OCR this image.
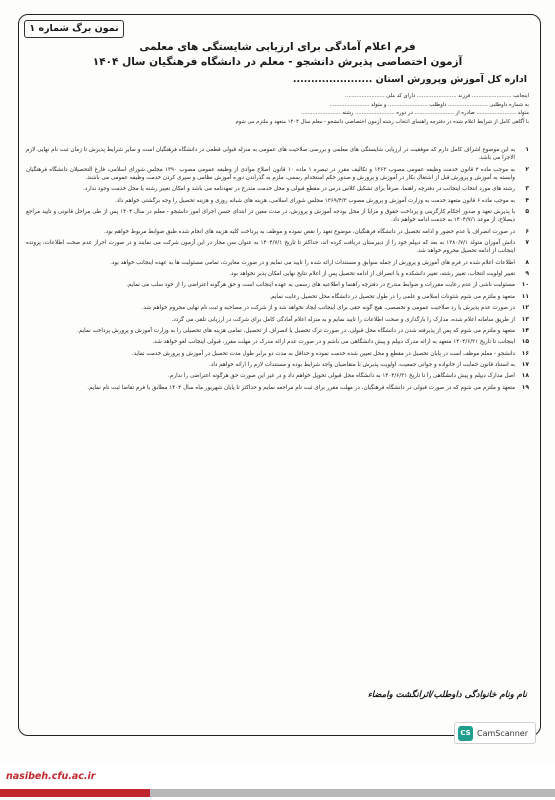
نمون برگ شماره ۱
فرم اعلام آمادگی برای ارزیابی شایستگی های معلمی
آزمون اختصاصی پذیرش دانشجو - معلم در دانشگاه فرهنگیان سال ۱۴۰۴
اداره کل آموزش وپرورش استان ......................
اینجانب ........................ فرزند ........................ دارای کد ملی ........................
به شماره داوطلبی ........................ داوطلب ........................ و متولد ........................
متولد ........................ صادره از ........................ در دوره ........................ رشته ........................
با آگاهی کامل از شرایط اعلام شده در دفترچه راهنمای انتخاب رشته آزمون اختصاصی دانشجو - معلم سال ۱۴۰۴ متعهد و ملتزم می شوم
۱
به این موضوع اشراف کامل دارم که موفقیت در ارزیابی شایستگی های معلمی و بررسی صلاحیت های عمومی به منزله قبولی قطعی در دانشگاه فرهنگیان است و سایر شرایط پذیرش تا زمان ثبت نام نهایی لازم الاجرا می باشد.
۲
به موجب ماده ۲ قانون خدمت وظیفه عمومی مصوب ۱۳۶۳ و تکالیف مقرر در تبصره ۱ ماده ۱۰ قانون اصلاح موادی از وظیفه عمومی مصوب ۱۳۹۰ مجلس شورای اسلامی، فارغ التحصیلان دانشگاه فرهنگیان وابسته به آموزش و پرورش قبل از اشتغال بکار در آموزش و پرورش و صدور حکم استخدام رسمی، ملزم به گذراندن دوره آموزش نظامی و سپری کردن خدمت وظیفه عمومی می باشند.
۳
رشته های مورد انتخاب اینجانب در دفترچه راهنما، صرفاً برای تشکیل کلاس درس در مقطع قبولی و محل خدمت مندرج در تعهدنامه می باشد و امکان تغییر رشته یا محل خدمت وجود ندارد.
۴
به موجب ماده ۶ قانون متعهد خدمت به وزارت آموزش و پرورش مصوب ۱۳۶۹/۴/۳ مجلس شورای اسلامی، هزینه های شبانه روزی و هزینه تحصیل را وجه برگشتی خواهم داد.
۵
با پذیرش تعهد و صدور احکام کارگزینی و پرداخت حقوق و مزایا از محل بودجه آموزش و پرورش، در مدت معین در ابتدای حسن اجرای امور دانشجو - معلم در سال ۱۴۰۴ پس از طی مراحل قانونی و تایید مراجع ذیصلاح، از موعد ۱۴۰۴/۷/۱ به خدمت ادامه خواهم داد.
۶
در صورت انصراف یا عدم حضور و ادامه تحصیل در دانشگاه فرهنگیان، موضوع تعهد را نقض نموده و موظف به پرداخت کلیه هزینه های انجام شده طبق ضوابط مربوط خواهم بود.
۷
دانش آموزان متولد ۱۳۸۰/۷/۱ به بعد که دیپلم خود را از دبیرستان دریافت کرده اند، حداکثر تا تاریخ ۱۴۰۴/۷/۱ به عنوان سن مجاز در این آزمون شرکت می نمایند و در صورت احراز عدم صحت اطلاعات، پرونده اینجانب از ادامه تحصیل محروم خواهد شد.
۸
اطلاعات اعلام شده در فرم های آموزش و پرورش از جمله سوابق و مستندات ارائه شده را تایید می نمایم و در صورت مغایرت، تمامی مسئولیت ها به عهده اینجانب خواهد بود.
۹
تغییر اولویت انتخاب، تغییر رشته، تغییر دانشکده و یا انصراف از ادامه تحصیل پس از اعلام نتایج نهایی امکان پذیر نخواهد بود.
۱۰
مسئولیت ناشی از عدم رعایت مقررات و ضوابط مندرج در دفترچه راهنما و اطلاعیه های رسمی به عهده اینجانب است و حق هرگونه اعتراضی را از خود سلب می نمایم.
۱۱
متعهد و ملتزم می شوم شئونات اسلامی و علمی را در طول تحصیل در دانشگاه محل تحصیل رعایت نمایم.
۱۲
در صورت عدم پذیرش یا رد صلاحیت عمومی و تخصصی، هیچ گونه حقی برای اینجانب ایجاد نخواهد شد و از شرکت در مصاحبه و ثبت نام نهایی محروم خواهم شد.
۱۳
از طریق سامانه اعلام شده، مدارک را بارگذاری و صحت اطلاعات را تایید نمایم و به منزله اعلام آمادگی کامل برای شرکت در ارزیابی تلقی می گردد.
۱۴
متعهد و ملتزم می شوم که پس از پذیرفته شدن در دانشگاه محل قبولی، در صورت ترک تحصیل یا انصراف از تحصیل، تمامی هزینه های تحصیلی را به وزارت آموزش و پرورش پرداخت نمایم.
۱۵
اینجانب تا تاریخ ۱۴۰۴/۶/۳۱ متعهد به ارائه مدرک دیپلم و پیش دانشگاهی می باشم و در صورت عدم ارائه مدرک در مهلت مقرر، قبولی اینجانب لغو خواهد شد.
۱۶
دانشجو - معلم موظف است در پایان تحصیل در مقطع و محل تعیین شده خدمت نموده و حداقل به مدت دو برابر طول مدت تحصیل در آموزش و پرورش خدمت نماید.
۱۷
به استناد قانون حمایت از خانواده و جوانی جمعیت، اولویت پذیرش با متقاضیان واجد شرایط بوده و مستندات لازم را ارائه خواهم داد.
۱۸
اصل مدارک دیپلم و پیش دانشگاهی را تا تاریخ ۱۴۰۴/۶/۳۱ به دانشگاه محل قبولی تحویل خواهم داد و در غیر این صورت حق هرگونه اعتراضی را ندارم.
۱۹
متعهد و ملتزم می شوم که در صورت قبولی در دانشگاه فرهنگیان، در مهلت مقرر برای ثبت نام مراجعه نمایم و حداکثر تا پایان شهریور ماه سال ۱۴۰۴ مطابق با فرم تقاضا ثبت نام نمایم.
نام ونام خانوادگی داوطلب/اثرانگشت وامضاء
CS CamScanner
nasibeh.cfu.ac.ir
